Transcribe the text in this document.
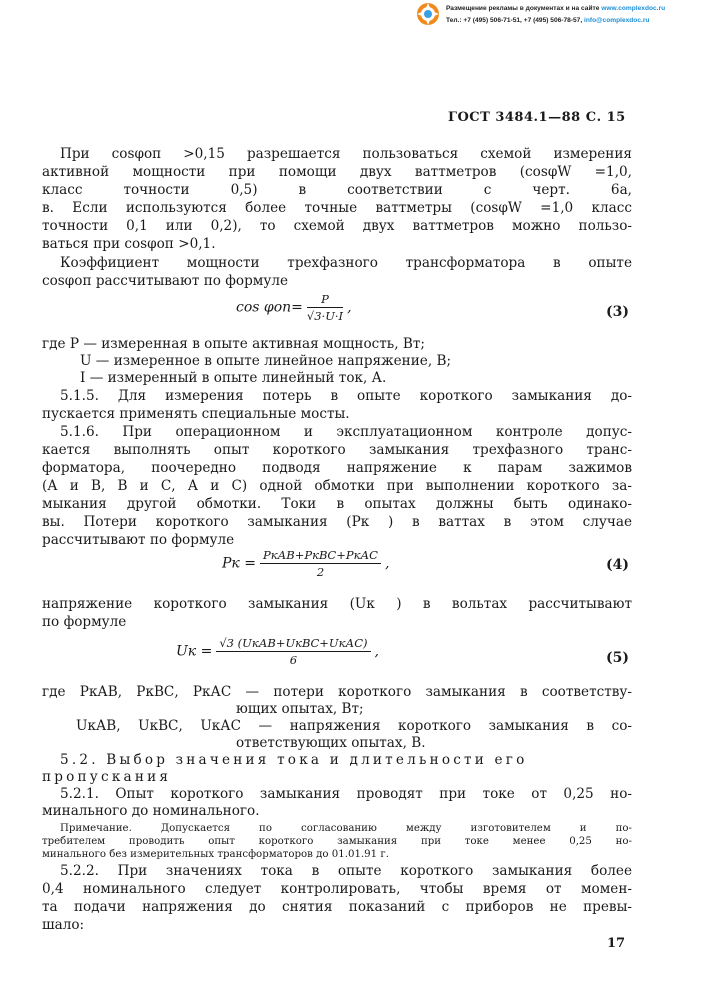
Размещение рекламы в документах и на сайте www.complexdoc.ru
Тел.: +7 (495) 506-71-51, +7 (495) 506-78-57, info@complexdoc.ru
ГОСТ 3484.1—88 С. 15
При cosφоп >0,15 разрешается пользоваться схемой измерения
активной мощности при помощи двух ваттметров (cosφW =1,0,
класс точности 0,5) в соответствии с черт. 6а,
в. Если используются более точные ваттметры (cosφW =1,0 класс
точности 0,1 или 0,2), то схемой двух ваттметров можно пользо-
ваться при cosφоп >0,1.
Коэффициент мощности трехфазного трансформатора в опыте
cosφоп рассчитывают по формуле
$\cos \varphi оп= \frac{P}{√3\cdot U\cdot I}$ ,	(3)
где P — измеренная в опыте активная мощность, Вт;
U — измеренное в опыте линейное напряжение, В;
I — измеренный в опыте линейный ток, А.
5.1.5. Для измерения потерь в опыте короткого замыкания до-
пускается применять специальные мосты.
5.1.6. При операционном и эксплуатационном контроле допус-
кается выполнять опыт короткого замыкания трехфазного транс-
форматора, поочередно подводя напряжение к парам зажимов
(А и В, В и С, А и С) одной обмотки при выполнении короткого за-
мыкания другой обмотки. Токи в опытах должны быть одинако-
вы. Потери короткого замыкания (Pк ) в ваттах в этом случае
рассчитывают по формуле
Pк = $\frac{\text{PкАВ+PкВС+PкАС}}{2}$ ,	(4)
напряжение короткого замыкания (Uк ) в вольтах рассчитывают
по формуле
Uк = $\frac{\text{√3 (UкАВ+UкВС+UкАС)}}{6}$ ,	(5)
где PкАВ, PкВС, PкАС — потери короткого замыкания в соответству-
ющих опытах, Вт;
UкАВ, UкВС, UкАС — напряжения короткого замыкания в со-
ответствующих опытах, В.
5.2. Выбор значения тока и длительности его
пропускания
5.2.1. Опыт короткого замыкания проводят при токе от 0,25 но-
минального до номинального.
Примечание. Допускается по согласованию между изготовителем и по-
требителем проводить опыт короткого замыкания при токе менее 0,25 но-
минального без измерительных трансформаторов до 01.01.91 г.
5.2.2. При значениях тока в опыте короткого замыкания более
0,4 номинального следует контролировать, чтобы время от момен-
та подачи напряжения до снятия показаний с приборов не превы-
шало:
17
